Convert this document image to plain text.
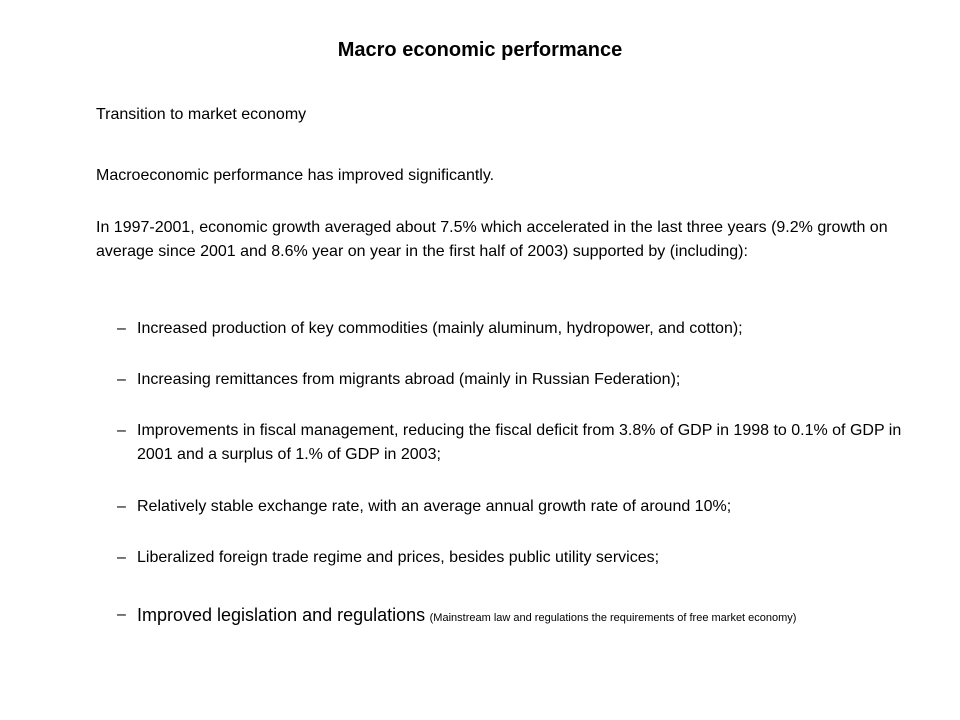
Macro economic performance
Transition to market economy
Macroeconomic performance has improved significantly.
In 1997-2001, economic growth averaged about 7.5% which accelerated in the last three years (9.2% growth on average since 2001 and 8.6% year on year in the first half of 2003) supported by (including):
– Increased production of key commodities (mainly aluminum, hydropower, and cotton);
– Increasing remittances from migrants abroad (mainly in Russian Federation);
– Improvements in fiscal management, reducing the fiscal deficit from 3.8% of GDP in 1998 to 0.1% of GDP in 2001 and a surplus of 1.% of GDP in 2003;
– Relatively stable exchange rate, with an average annual growth rate of around 10%;
– Liberalized foreign trade regime and prices, besides public utility services;
– Improved legislation and regulations (Mainstream law and regulations the requirements of free market economy)
